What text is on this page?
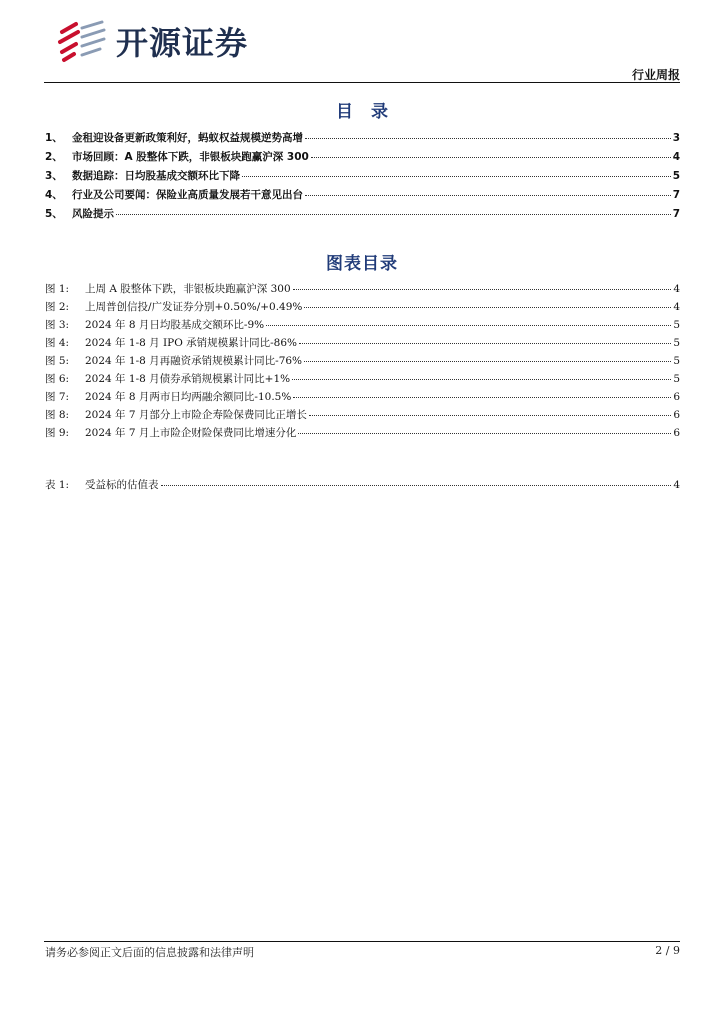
开源证券
行业周报
目录
1、 金租迎设备更新政策利好，蚂蚁权益规模逆势高增	3
2、 市场回顾：A 股整体下跌，非银板块跑赢沪深 300	4
3、 数据追踪：日均股基成交额环比下降	5
4、 行业及公司要闻：保险业高质量发展若干意见出台	7
5、 风险提示	7
图表目录
图 1:	上周 A 股整体下跌，非银板块跑赢沪深 300	4
图 2:	上周普创信投/广发证券分别+0.50%/+0.49%	4
图 3:	2024 年 8 月日均股基成交额环比-9%	5
图 4:	2024 年 1-8 月 IPO 承销规模累计同比-86%	5
图 5:	2024 年 1-8 月再融资承销规模累计同比-76%	5
图 6:	2024 年 1-8 月债券承销规模累计同比+1%	5
图 7:	2024 年 8 月两市日均两融余额同比-10.5%	6
图 8:	2024 年 7 月部分上市险企寿险保费同比正增长	6
图 9:	2024 年 7 月上市险企财险保费同比增速分化	6
表 1:	受益标的估值表	4
请务必参阅正文后面的信息披露和法律声明	2 / 9
